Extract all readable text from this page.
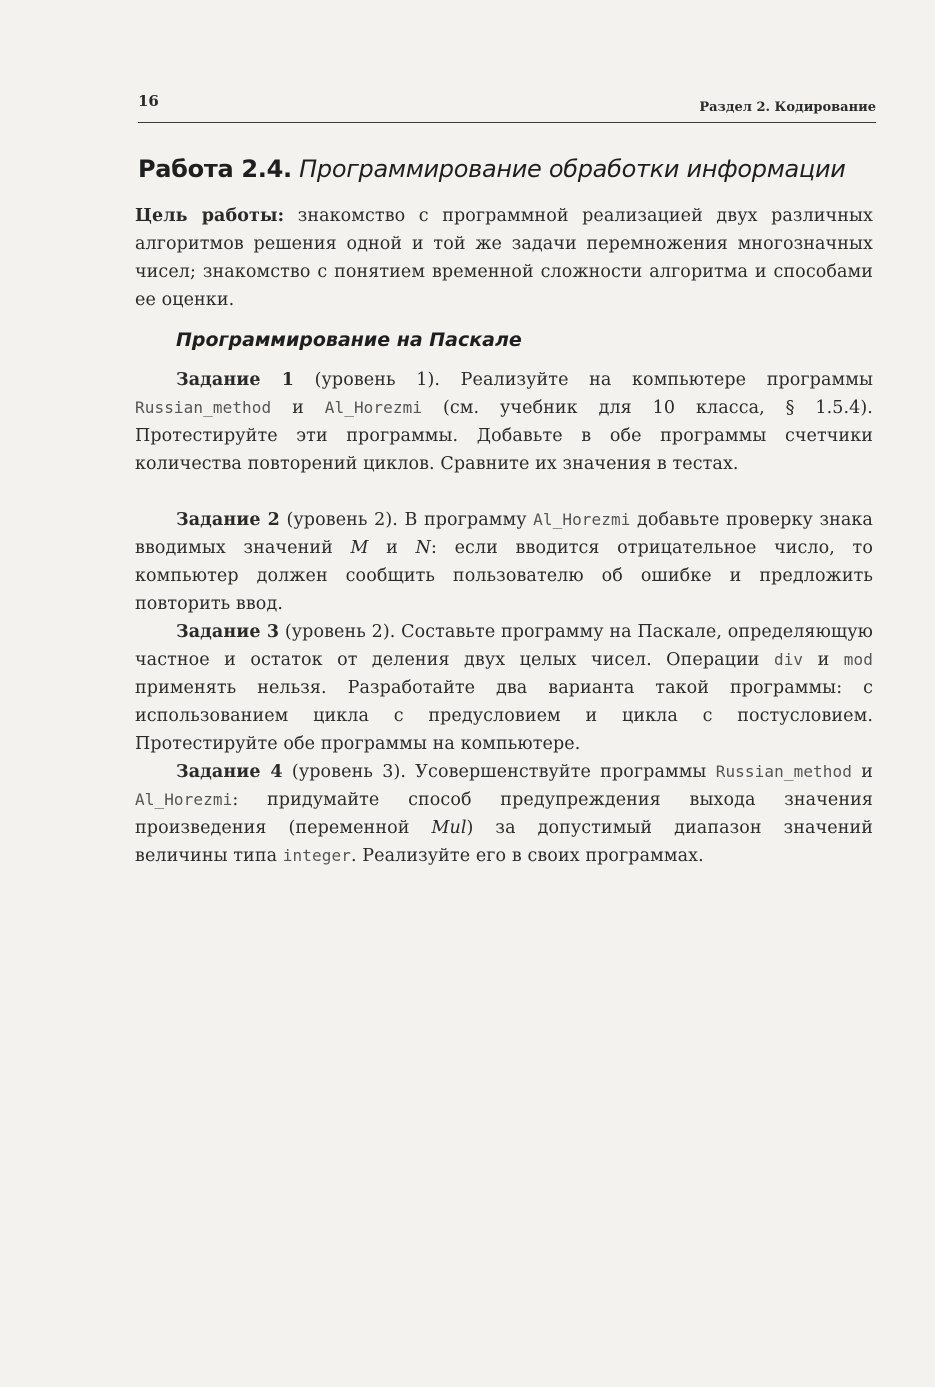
16	Раздел 2. Кодирование
Работа 2.4. Программирование обработки информации

Цель работы: знакомство с программной реализацией двух различных алгоритмов решения одной и той же задачи перемножения многозначных чисел; знакомство с понятием временной сложности алгоритма и способами ее оценки.

Программирование на Паскале

Задание 1 (уровень 1). Реализуйте на компьютере программы Russian_method и Al_Horezmi (см. учебник для 10 класса, § 1.5.4). Протестируйте эти программы. Добавьте в обе программы счетчики количества повторений циклов. Сравните их значения в тестах.

Задание 2 (уровень 2). В программу Al_Horezmi добавьте проверку знака вводимых значений M и N: если вводится отрицательное число, то компьютер должен сообщить пользователю об ошибке и предложить повторить ввод.

Задание 3 (уровень 2). Составьте программу на Паскале, определяющую частное и остаток от деления двух целых чисел. Операции div и mod применять нельзя. Разработайте два варианта такой программы: с использованием цикла с предусловием и цикла с постусловием. Протестируйте обе программы на компьютере.

Задание 4 (уровень 3). Усовершенствуйте программы Russian_method и Al_Horezmi: придумайте способ предупреждения выхода значения произведения (переменной Mul) за допустимый диапазон значений величины типа integer. Реализуйте его в своих программах.
